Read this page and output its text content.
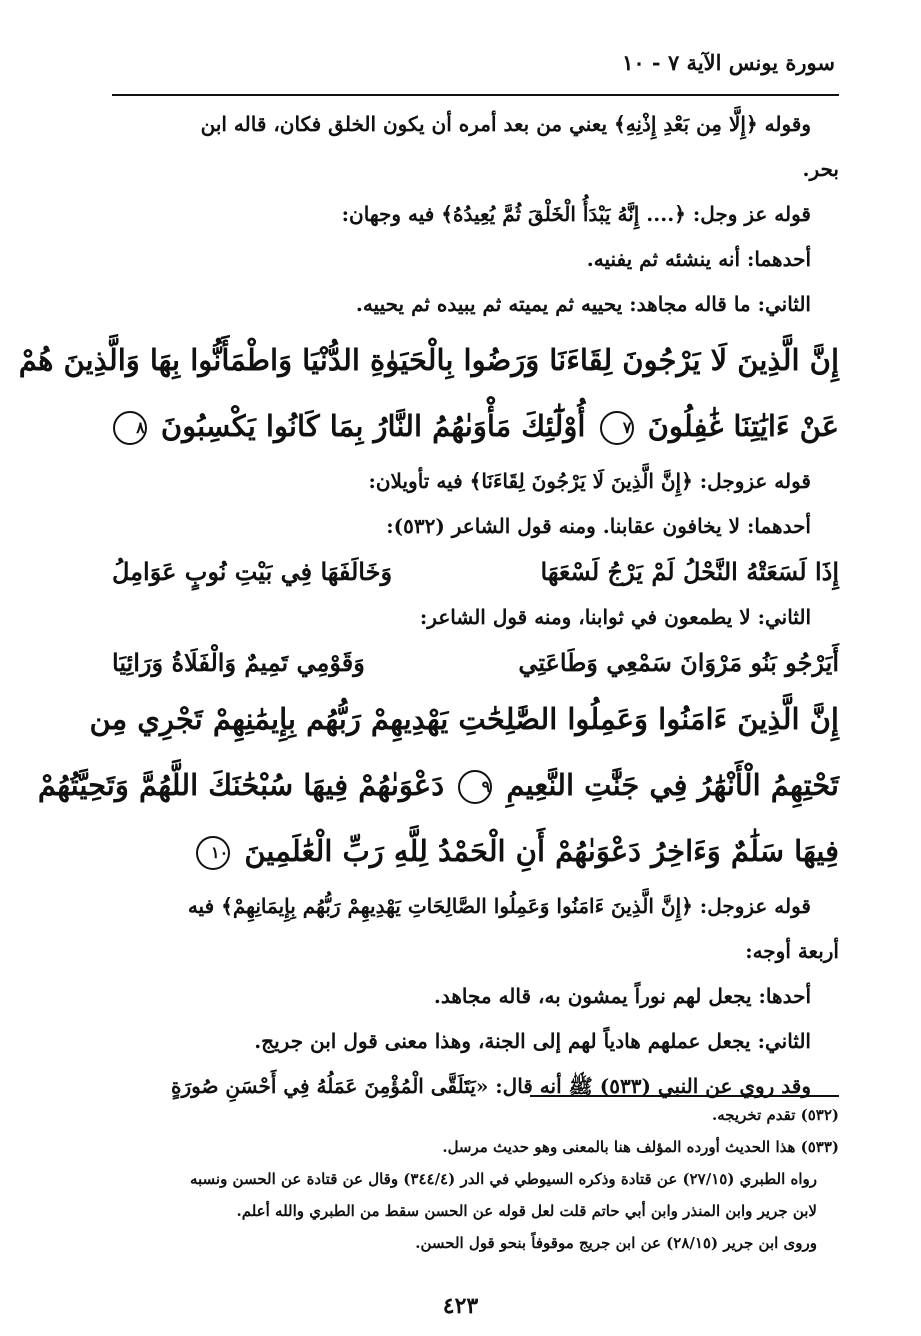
سورة يونس الآية ٧ - ١٠
وقوله ﴿إِلَّا مِن بَعْدِ إِذْنِهِ﴾ يعني من بعد أمره أن يكون الخلق فكان، قاله ابن
بحر.
قوله عز وجل: ﴿.... إِنَّهُ يَبْدَأُ الْخَلْقَ ثُمَّ يُعِيدُهُ﴾ فيه وجهان:
أحدهما: أنه ينشئه ثم يفنيه.
الثاني: ما قاله مجاهد: يحييه ثم يميته ثم يبيده ثم يحييه.
إِنَّ الَّذِينَ لَا يَرْجُونَ لِقَاءَنَا وَرَضُوا بِالْحَيَوٰةِ الدُّنْيَا وَاطْمَأَنُّوا بِهَا وَالَّذِينَ هُمْ
عَنْ ءَايَٰتِنَا غَٰفِلُونَ ٧ أُوْلَٰٓئِكَ مَأْوَىٰهُمُ النَّارُ بِمَا كَانُوا يَكْسِبُونَ ٨
قوله عزوجل: ﴿إِنَّ الَّذِينَ لَا يَرْجُونَ لِقَاءَنَا﴾ فيه تأويلان:
أحدهما: لا يخافون عقابنا. ومنه قول الشاعر (٥٣٢):
إِذَا لَسَعَتْهُ النَّحْلُ لَمْ يَرْجُ لَسْعَهَا
وَخَالَفَهَا فِي بَيْتِ نُوبٍ عَوَامِلُ
الثاني: لا يطمعون في ثوابنا، ومنه قول الشاعر:
أَيَرْجُو بَنُو مَرْوَانَ سَمْعِي وَطَاعَتِي
وَقَوْمِي تَمِيمٌ وَالْفَلَاةُ وَرَائِيَا
إِنَّ الَّذِينَ ءَامَنُوا وَعَمِلُوا الصَّٰلِحَٰتِ يَهْدِيهِمْ رَبُّهُم بِإِيمَٰنِهِمْ تَجْرِي مِن
تَحْتِهِمُ الْأَنْهَٰرُ فِي جَنَّٰتِ النَّعِيمِ ٩ دَعْوَىٰهُمْ فِيهَا سُبْحَٰنَكَ اللَّهُمَّ وَتَحِيَّتُهُمْ
فِيهَا سَلَٰمٌ وَءَاخِرُ دَعْوَىٰهُمْ أَنِ الْحَمْدُ لِلَّهِ رَبِّ الْعَٰلَمِينَ ١٠
قوله عزوجل: ﴿إِنَّ الَّذِينَ ءَامَنُوا وَعَمِلُوا الصَّالِحَاتِ يَهْدِيهِمْ رَبُّهُم بِإِيمَانِهِمْ﴾ فيه
أربعة أوجه:
أحدها: يجعل لهم نوراً يمشون به، قاله مجاهد.
الثاني: يجعل عملهم هادياً لهم إلى الجنة، وهذا معنى قول ابن جريج.
وقد روي عن النبي (٥٣٣) ﷺ أنه قال: «يَتَلَقَّى الْمُؤْمِنَ عَمَلُهُ فِي أَحْسَنِ صُورَةٍ
(٥٣٢) تقدم تخريجه.
(٥٣٣) هذا الحديث أورده المؤلف هنا بالمعنى وهو حديث مرسل.
رواه الطبري (٢٧/١٥) عن قتادة وذكره السيوطي في الدر (٣٤٤/٤) وقال عن قتادة عن الحسن ونسبه
لابن جرير وابن المنذر وابن أبي حاتم قلت لعل قوله عن الحسن سقط من الطبري والله أعلم.
وروى ابن جرير (٢٨/١٥) عن ابن جريج موقوفاً بنحو قول الحسن.
٤٢٣
